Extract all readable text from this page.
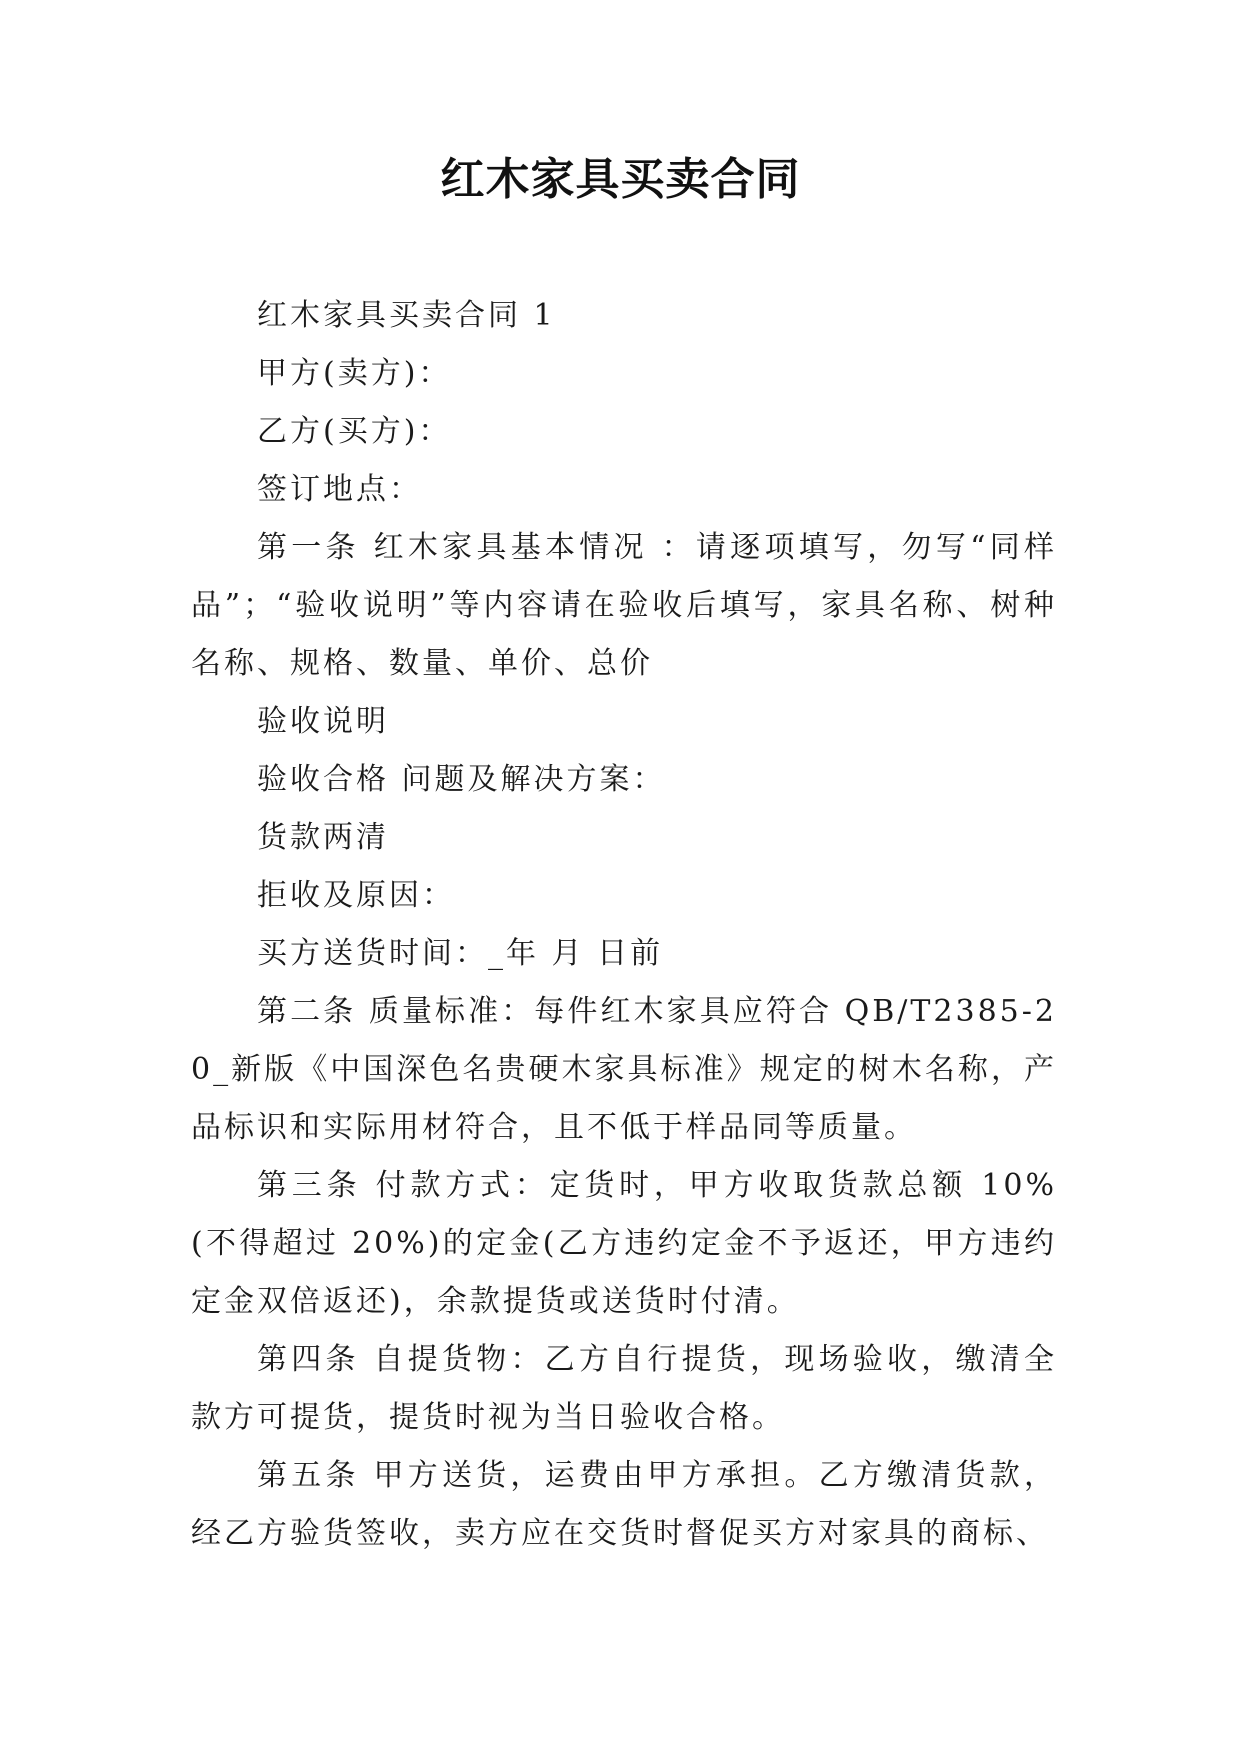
红木家具买卖合同

红木家具买卖合同 1

甲方(卖方)：

乙方(买方)：

签订地点：

第一条 红木家具基本情况 ：请逐项填写，勿写“同样品”；“验收说明”等内容请在验收后填写，家具名称、树种名称、规格、数量、单价、总价

验收说明

验收合格 问题及解决方案：

货款两清

拒收及原因：

买方送货时间：_年 月 日前

第二条 质量标准：每件红木家具应符合 QB/T2385-20_新版《中国深色名贵硬木家具标准》规定的树木名称，产品标识和实际用材符合，且不低于样品同等质量。

第三条 付款方式：定货时，甲方收取货款总额 10%(不得超过 20%)的定金(乙方违约定金不予返还，甲方违约定金双倍返还)，余款提货或送货时付清。

第四条 自提货物：乙方自行提货，现场验收，缴清全款方可提货，提货时视为当日验收合格。

第五条 甲方送货，运费由甲方承担。乙方缴清货款，经乙方验货签收，卖方应在交货时督促买方对家具的商标、
